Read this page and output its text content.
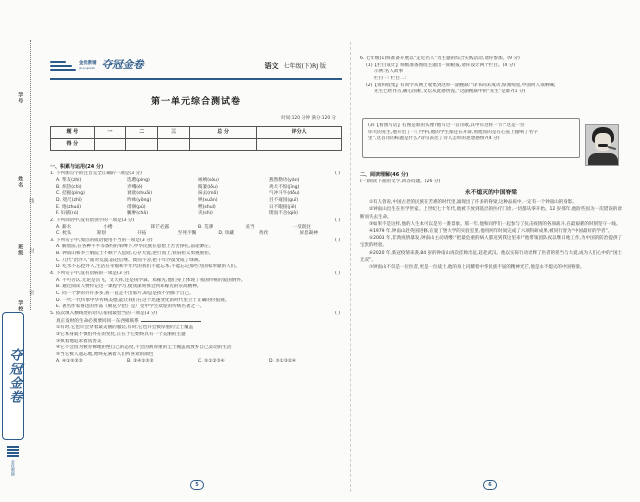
学号
姓名
班级
学校
线
封
密
夺冠金卷
金优教辅
· · · · · · · · · · · · · · · · ·
金优教辅
jinyoujiaofu 夺冠金卷	语文 七年级(下)RJ 版
第一单元综合测试卷
时间:120 分钟 满分:120 分
题 号	一	二	三	总 分	评分人
得 分					
一、积累与运用(24 分)
1. 下列加点字的注音完全正确的一项是(3 分)	( )
A. 挚友(zhì)	选聘(pìng)	咏唬(sòu)	燕然勒功(yàn)
B. 炽热(chì)	弄峨(é)	揽篓(lǒu)	鸡犬不惊(jīng)
C. 拮据(pìng)	衰欲(shuāi)	抹去(mǒ)	气冲斗牛(dǒu)
D. 咫尺(zhǐ)	吟咏(yǒng)	哄(xuān)	目不窥园(guī)
E. 炮(zhuó)	徘徊(pǔ)	嘿(shuǐ)	日不暇接(jiē)
F. 妇孺(rú)	臃肿(chǎ)	夹(shì)	锲而不舍(qiè)
2. 下列词语中,没有错别字的一项是(3 分)	( )
A. 薪水	小楼	锋芒必露	B. 荒谬	妥当	一反既往
C. 枕头	筹划	开拓	至死不懈	D. 珍藏	孜孜	屏息凝神
3. 下列句子中,加点的成语使用不当的一项是(3 分)	( )
A. 解放前,在各种不平等条约的束缚下,中华民族在思想上苦苦挣扎,前途渺茫。
B. 钟南山和李兰娟院士不顾个人危险,心存大爱,逆行而上,铁肩担义勇挑重担。
C. 几代“治沙人”面对荒漠,前赴后继、锲而不舍,把千年沙漠变成了绿洲。
D. 吃水不忘挖井人,生活在幸福和平年代的我们不能忘本,不能忘记那些为国家奉献的人们。
4. 下列句子中,没有语病的一项是(3 分)	( )
A. 不可否认,无论是岳飞、文天祥,还是钱学森、邓稼先,他们身上体现了我国传统的爱国情怀。
B. 通过阅读人物传记这一课程学习,使我深刻体会到邓稼先的崇高精神。
C. 同一个梦的许许多多,我一直走不出那片,却总是找不到那个自己。
D. 一代一代传承中华传统美德,能让我们在这个迅速变化的时代里立于正确的价值观。
E. 著名作家鲁迅的作品《朝花夕拾》是广受中学生欢迎的传统名著之一。
5. 依次填入横线处的语句,衔接最恰当的一项是(3 分)	( )
真正发财的生命必须要同同一东西相联系
①有时,它也许会穿着最美丽的服装,有时,它也许会被厚重的尘土覆盖
②它本身就不惧怕外在的变化,正在于它始终具有一个美丽的主题
③执着地追求着真善美
④它不会因为被旁拂地拒绝自己的态度,不会因被厚重的尘土掩盖而放弃自己灵动的生活
⑤当它被人遗忘地,始终充满着人们所喜欢的颜色
A. ④①⑤②③	B. ③④①⑤②	C. ⑤①②③④	D. ⑤①③②④
6. 七年级(1)班准备开展以“走近名人”为主题的综合实践活动,请你参加。(9 分)
(1)【栏目设计】班级准备围绕主题出一期板报,请你设计两个栏目。(4 分)
示例:名人故事
栏目一: 栏目二:
(2)【资料收集】有同学从网上收集到这样一副挽联:“译书尚未成功,惊闻殒星,中国何人领呐喊;
先生已经作古,痛心国难,文坛从此感彷徨。”这副挽联中的“先生”是谁?(1 分)
(3)【看图写话】右图是谁的头像?他写过一首诗歌,其中有这样一节:“这是一位
伟大的先生,他开出了一门学科,他的学生都还在开辟,看他真的是在心弦上撞响了名字
里”,这首诗的标题是什么?诗句表达了诗人怎样的思想感情?(4 分)
二、阅读理解(46 分)
(一)阅读下面的文字,回答问题。(26 分)
永不熄灭的中国脊梁

①有人曾说,中国古老的民族在苦难的时代里,涌现出了许多的脊梁,这种品质中,一定有一个钟南山的身影。

②钟南山出生在医学世家。上世纪七十年代,他被下放到基层的医疗门诊,一切都从零开始。12 岁那年,他险些因为一次错误的诊断而失去生命。

③如果不是这样,他的人生本可以是另一番景象。那一年,他和同伴们一起参与了抗击疫情的各项战斗,在最艰难的时刻坚守一线。

④1979 年,钟南山赴英国进修,在爱丁堡大学的实验室里,他用两年时间完成了六项科研成果,被同行誉为“中国最好的学者”。

⑤2003 年,非典疫情暴发,钟南山主动请缨:“把最危重的病人都送到我这里来!”他带领团队夜以继日地工作,为中国的防治提供了宝贵的经验。

⑥2020 年,新冠疫情来袭,84 岁的钟南山再次挂帅出征,赶赴武汉。他以实际行动诠释了医者的担当与大爱,成为人们心中的“国士无双”。

⑦钟南山不仅是一位医者,更是一位战士,他的身上闪耀着中华民族不屈的精神光芒,他是永不熄灭的中国脊梁。

5	6
